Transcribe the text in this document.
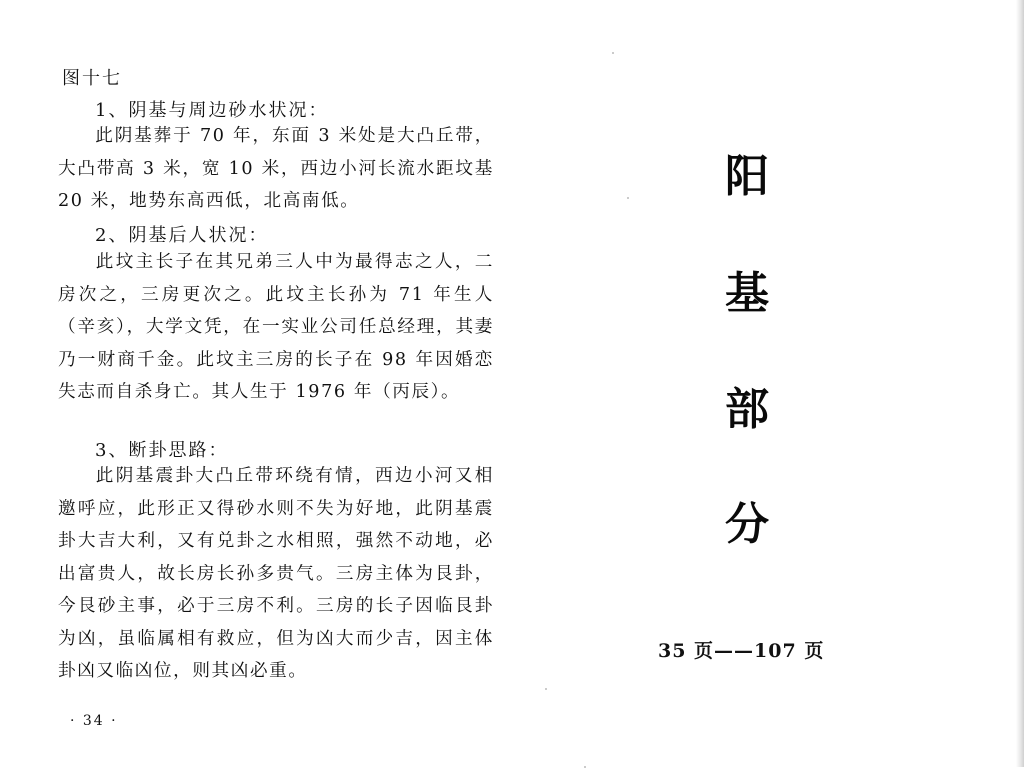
图十七
1、阴基与周边砂水状况：
此阴基葬于 70 年，东面 3 米处是大凸丘带，大凸带高 3 米，宽 10 米，西边小河长流水距坟基 20 米，地势东高西低，北高南低。
2、阴基后人状况：
此坟主长子在其兄弟三人中为最得志之人，二房次之，三房更次之。此坟主长孙为 71 年生人（辛亥），大学文凭，在一实业公司任总经理，其妻乃一财商千金。此坟主三房的长子在 98 年因婚恋失志而自杀身亡。其人生于 1976 年（丙辰）。
3、断卦思路：
此阴基震卦大凸丘带环绕有情，西边小河又相邀呼应，此形正又得砂水则不失为好地，此阴基震卦大吉大利，又有兑卦之水相照，强然不动地，必出富贵人，故长房长孙多贵气。三房主体为艮卦，今艮砂主事，必于三房不利。三房的长子因临艮卦为凶，虽临属相有救应，但为凶大而少吉，因主体卦凶又临凶位，则其凶必重。
· 34 ·
阳
基
部
分
35 页——107 页
